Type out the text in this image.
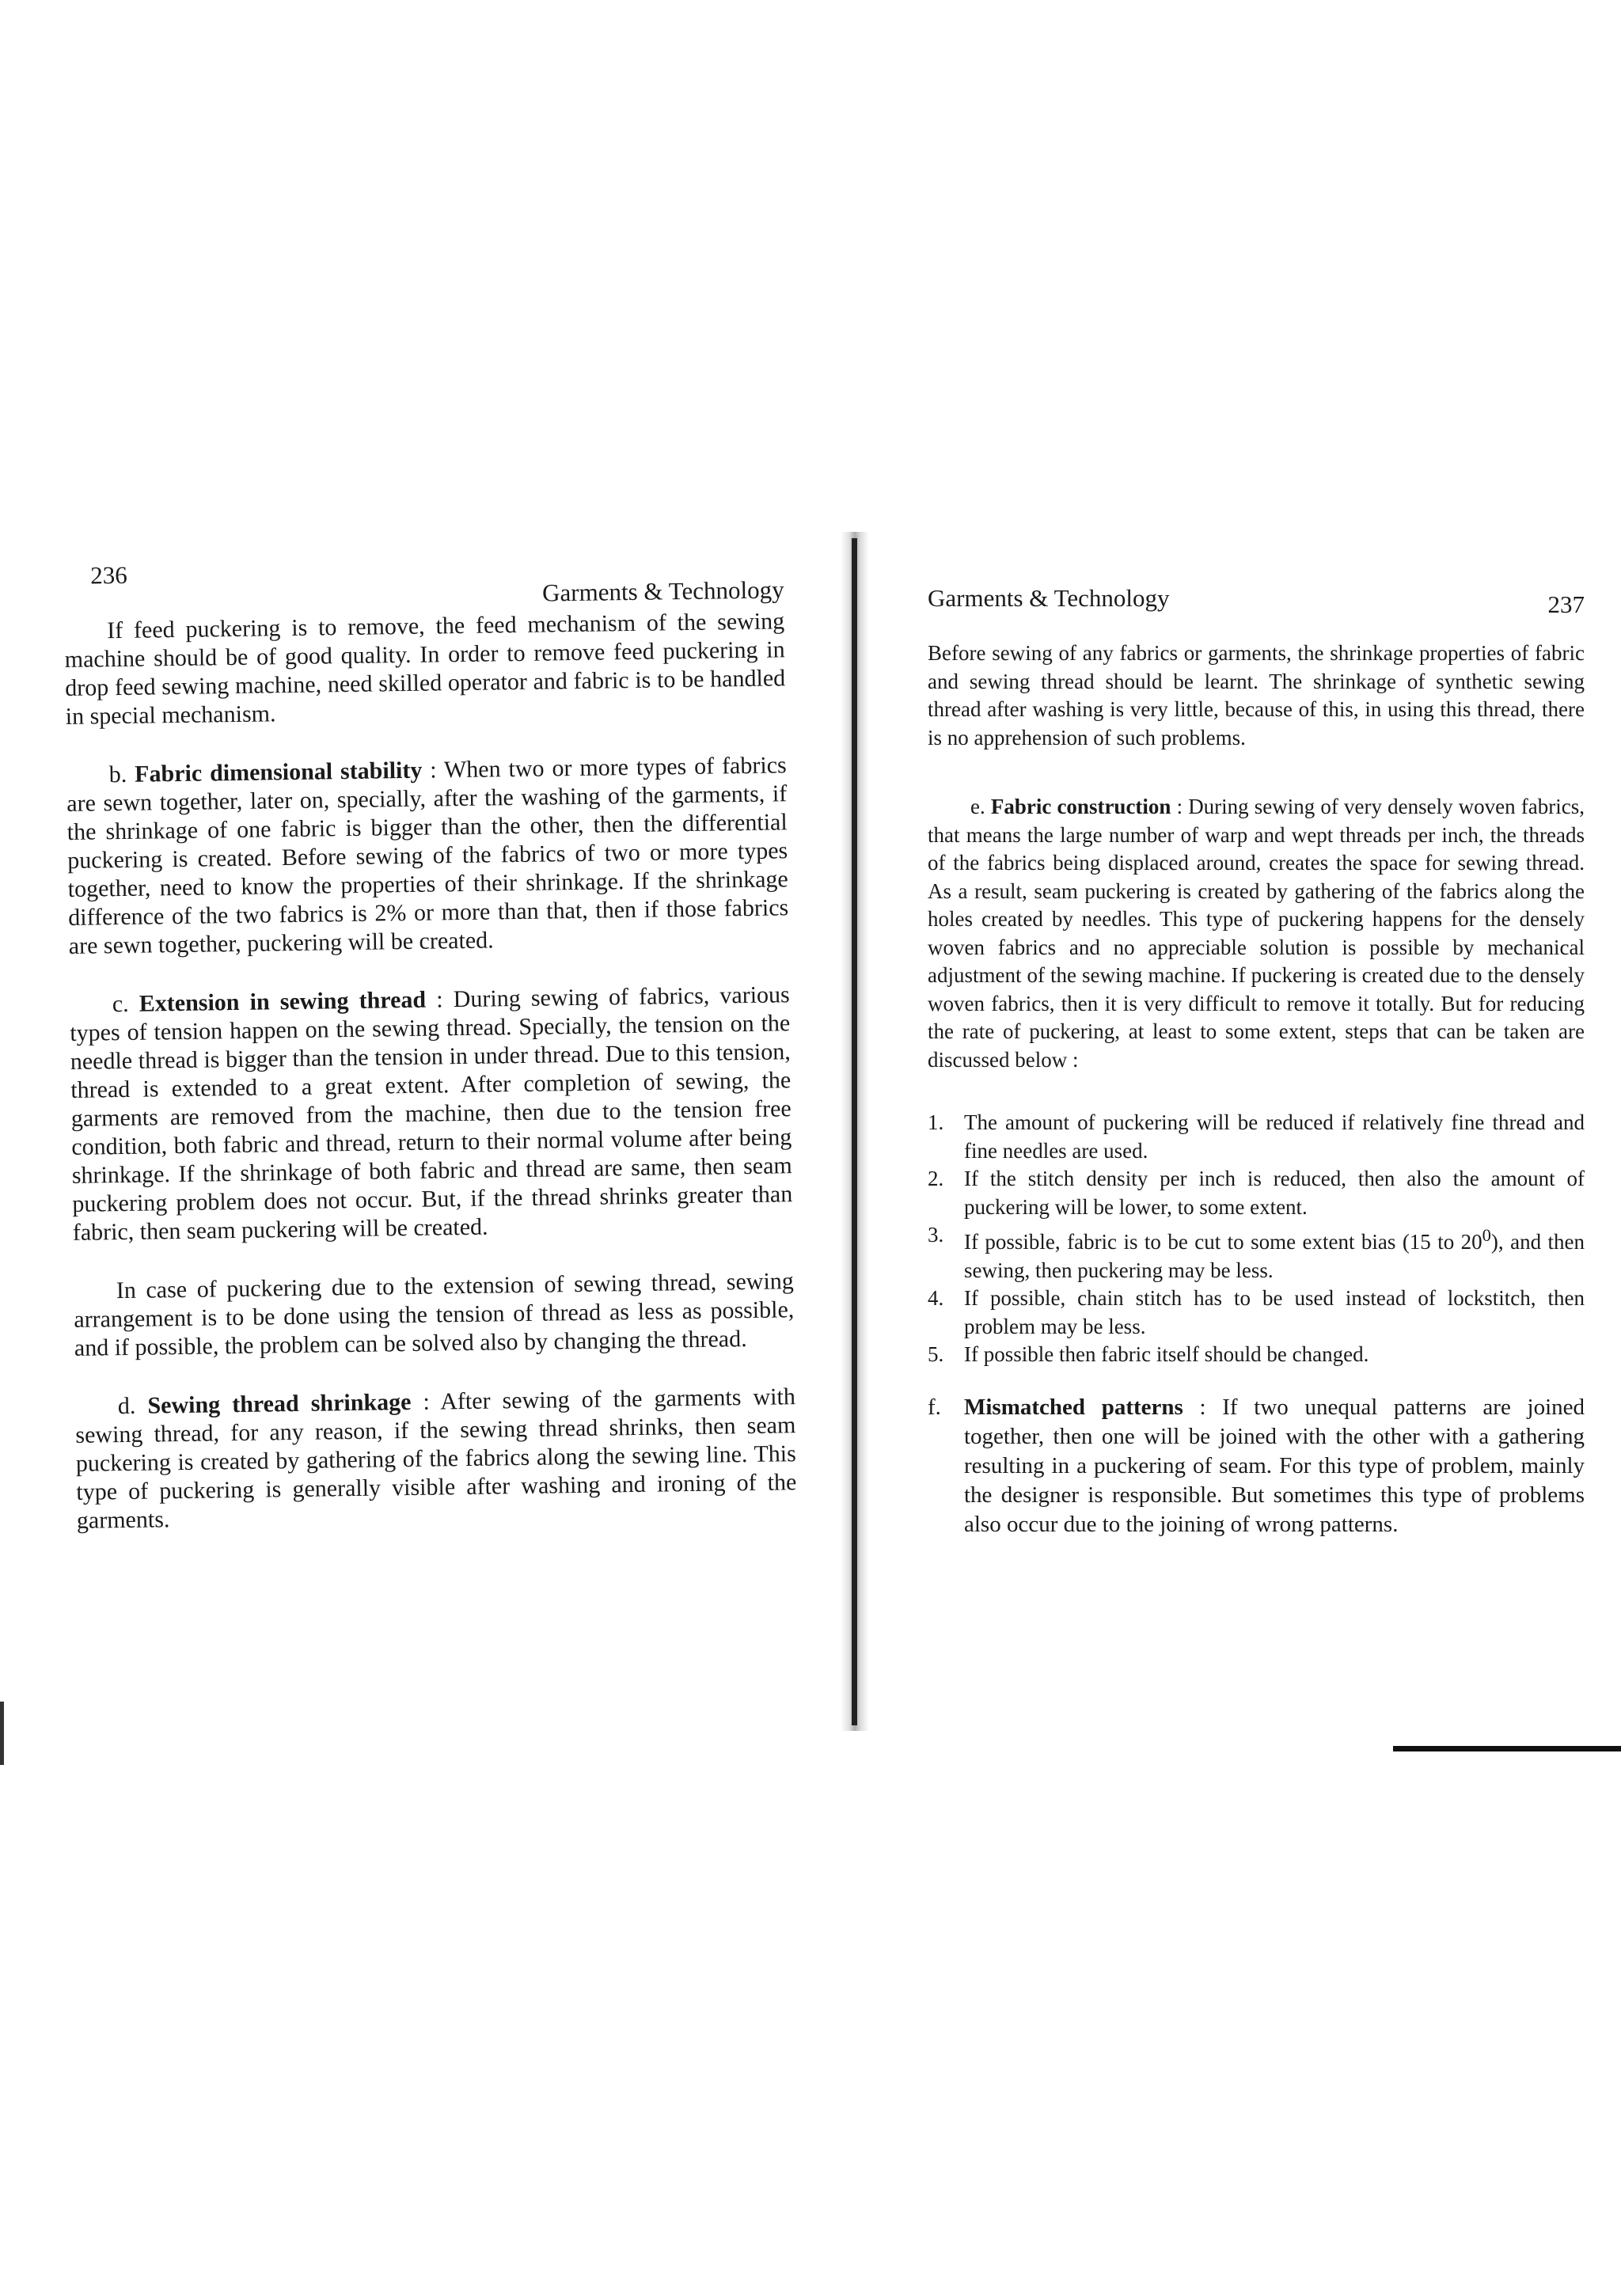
236
Garments & Technology

If feed puckering is to remove, the feed mechanism of the sewing machine should be of good quality. In order to remove feed puckering in drop feed sewing machine, need skilled operator and fabric is to be handled in special mechanism.

b. Fabric dimensional stability : When two or more types of fabrics are sewn together, later on, specially, after the washing of the garments, if the shrinkage of one fabric is bigger than the other, then the differential puckering is created. Before sewing of the fabrics of two or more types together, need to know the properties of their shrinkage. If the shrinkage difference of the two fabrics is 2% or more than that, then if those fabrics are sewn together, puckering will be created.

c. Extension in sewing thread : During sewing of fabrics, various types of tension happen on the sewing thread. Specially, the tension on the needle thread is bigger than the tension in under thread. Due to this tension, thread is extended to a great extent. After completion of sewing, the garments are removed from the machine, then due to the tension free condition, both fabric and thread, return to their normal volume after being shrinkage. If the shrinkage of both fabric and thread are same, then seam puckering problem does not occur. But, if the thread shrinks greater than fabric, then seam puckering will be created.

In case of puckering due to the extension of sewing thread, sewing arrangement is to be done using the tension of thread as less as possible, and if possible, the problem can be solved also by changing the thread.

d. Sewing thread shrinkage : After sewing of the garments with sewing thread, for any reason, if the sewing thread shrinks, then seam puckering is created by gathering of the fabrics along the sewing line. This type of puckering is generally visible after washing and ironing of the garments.

Garments & Technology	237

Before sewing of any fabrics or garments, the shrinkage properties of fabric and sewing thread should be learnt. The shrinkage of synthetic sewing thread after washing is very little, because of this, in using this thread, there is no apprehension of such problems.

e. Fabric construction : During sewing of very densely woven fabrics, that means the large number of warp and wept threads per inch, the threads of the fabrics being displaced around, creates the space for sewing thread. As a result, seam puckering is created by gathering of the fabrics along the holes created by needles. This type of puckering happens for the densely woven fabrics and no appreciable solution is possible by mechanical adjustment of the sewing machine. If puckering is created due to the densely woven fabrics, then it is very difficult to remove it totally. But for reducing the rate of puckering, at least to some extent, steps that can be taken are discussed below :

1. The amount of puckering will be reduced if relatively fine thread and fine needles are used.
2. If the stitch density per inch is reduced, then also the amount of puckering will be lower, to some extent.
3. If possible, fabric is to be cut to some extent bias (15 to $20^0$), and then sewing, then puckering may be less.
4. If possible, chain stitch has to be used instead of lockstitch, then problem may be less.
5. If possible then fabric itself should be changed.
f. Mismatched patterns : If two unequal patterns are joined together, then one will be joined with the other with a gathering resulting in a puckering of seam. For this type of problem, mainly the designer is responsible. But sometimes this type of problems also occur due to the joining of wrong patterns.
